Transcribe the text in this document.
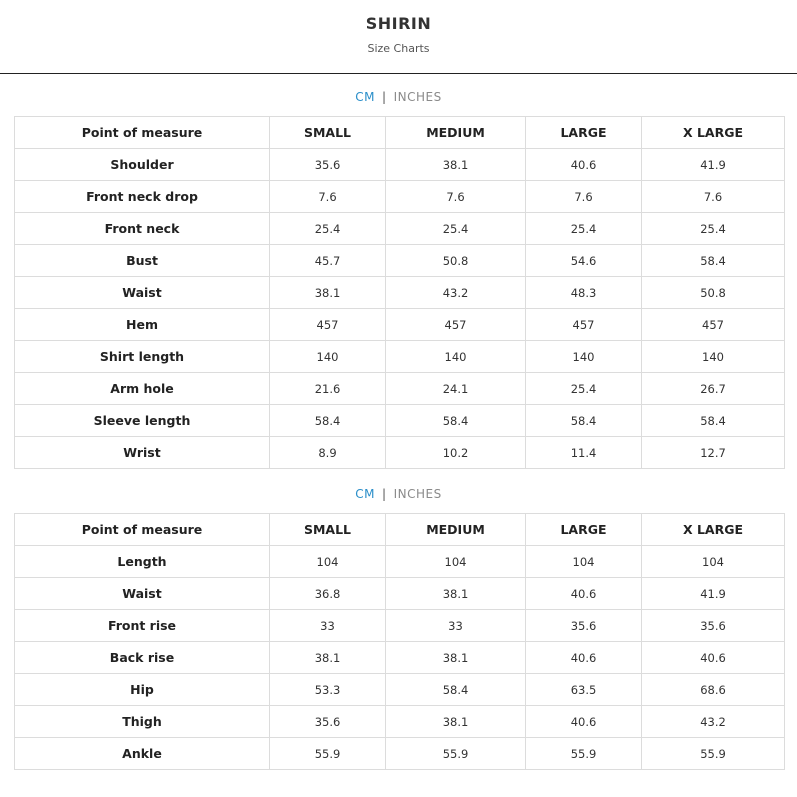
SHIRIN
Size Charts
CM | INCHES
Point of measure	SMALL	MEDIUM	LARGE	X LARGE
Shoulder	35.6	38.1	40.6	41.9
Front neck drop	7.6	7.6	7.6	7.6
Front neck	25.4	25.4	25.4	25.4
Bust	45.7	50.8	54.6	58.4
Waist	38.1	43.2	48.3	50.8
Hem	457	457	457	457
Shirt length	140	140	140	140
Arm hole	21.6	24.1	25.4	26.7
Sleeve length	58.4	58.4	58.4	58.4
Wrist	8.9	10.2	11.4	12.7
CM | INCHES
Point of measure	SMALL	MEDIUM	LARGE	X LARGE
Length	104	104	104	104
Waist	36.8	38.1	40.6	41.9
Front rise	33	33	35.6	35.6
Back rise	38.1	38.1	40.6	40.6
Hip	53.3	58.4	63.5	68.6
Thigh	35.6	38.1	40.6	43.2
Ankle	55.9	55.9	55.9	55.9
